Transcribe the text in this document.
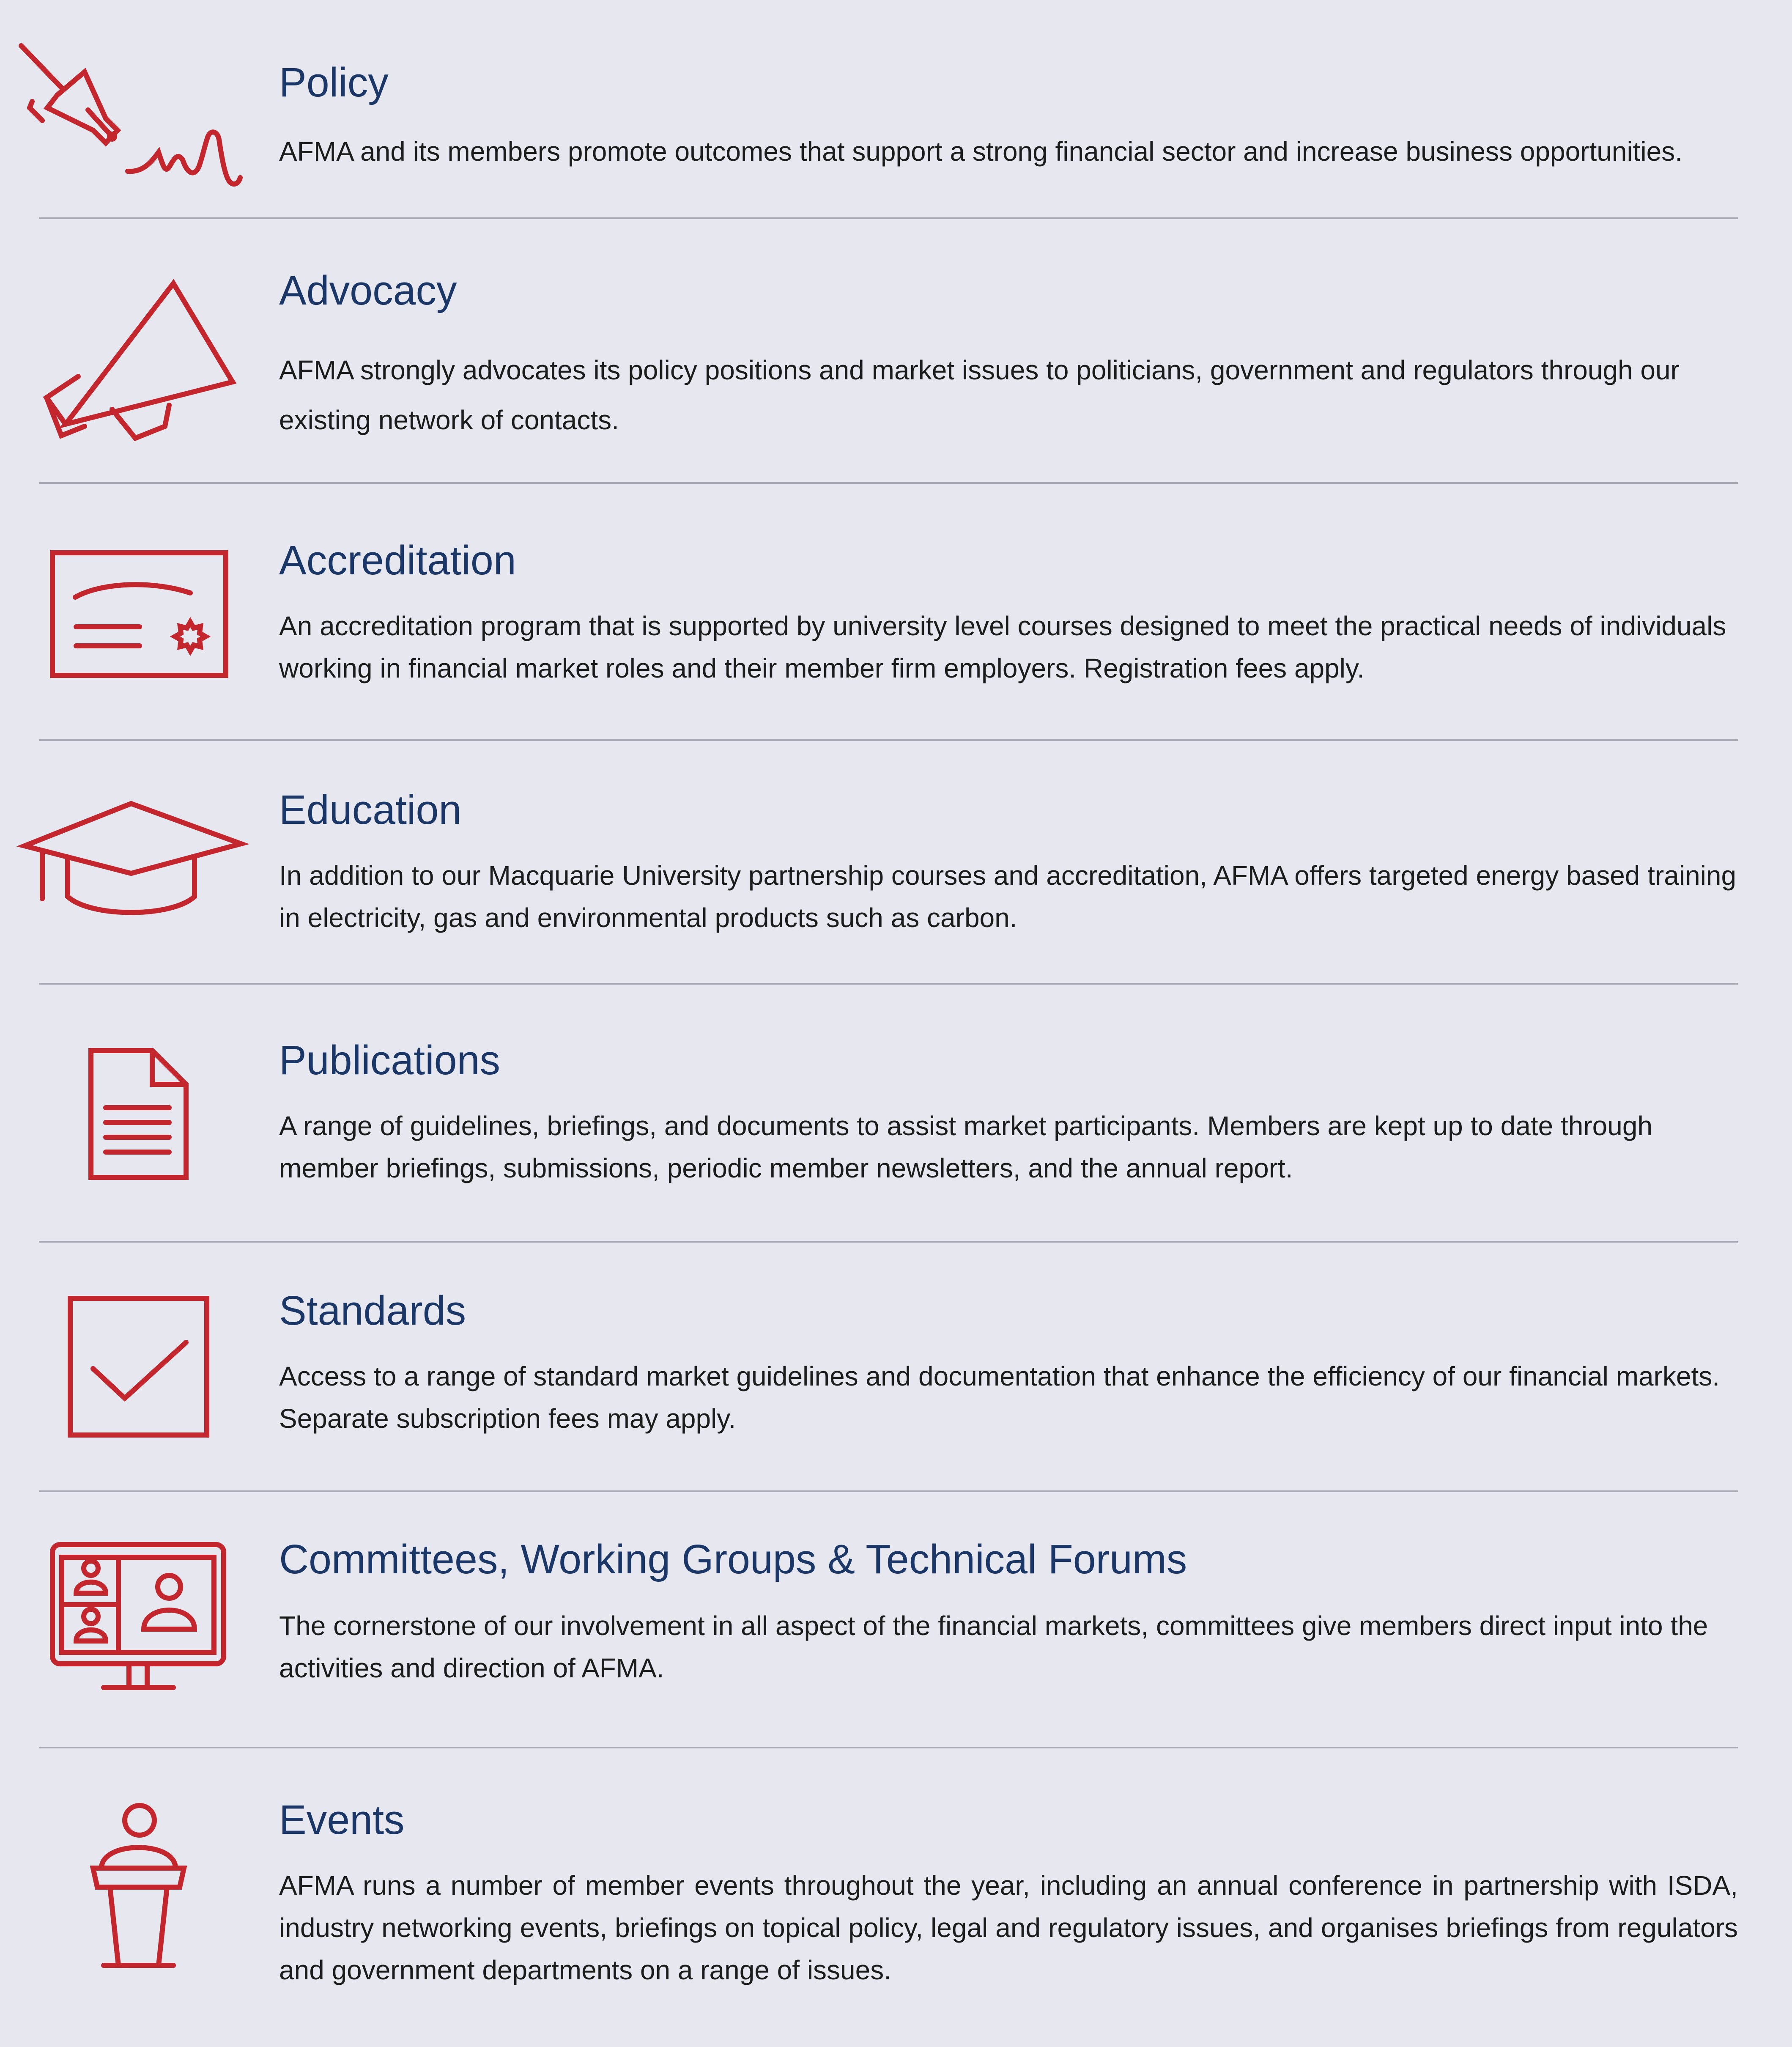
Policy

AFMA and its members promote outcomes that support a strong financial sector and increase business opportunities.

Advocacy

AFMA strongly advocates its policy positions and market issues to politicians, government and regulators through our existing network of contacts.

Accreditation

An accreditation program that is supported by university level courses designed to meet the practical needs of individuals working in financial market roles and their member firm employers. Registration fees apply.

Education

In addition to our Macquarie University partnership courses and accreditation, AFMA offers targeted energy based training in electricity, gas and environmental products such as carbon.

Publications

A range of guidelines, briefings, and documents to assist market participants. Members are kept up to date through member briefings, submissions, periodic member newsletters, and the annual report.

Standards

Access to a range of standard market guidelines and documentation that enhance the efficiency of our financial markets. Separate subscription fees may apply.

Committees, Working Groups & Technical Forums

The cornerstone of our involvement in all aspect of the financial markets, committees give members direct input into the activities and direction of AFMA.

Events

AFMA runs a number of member events throughout the year, including an annual conference in partnership with ISDA, industry networking events, briefings on topical policy, legal and regulatory issues, and organises briefings from regulators and government departments on a range of issues.
